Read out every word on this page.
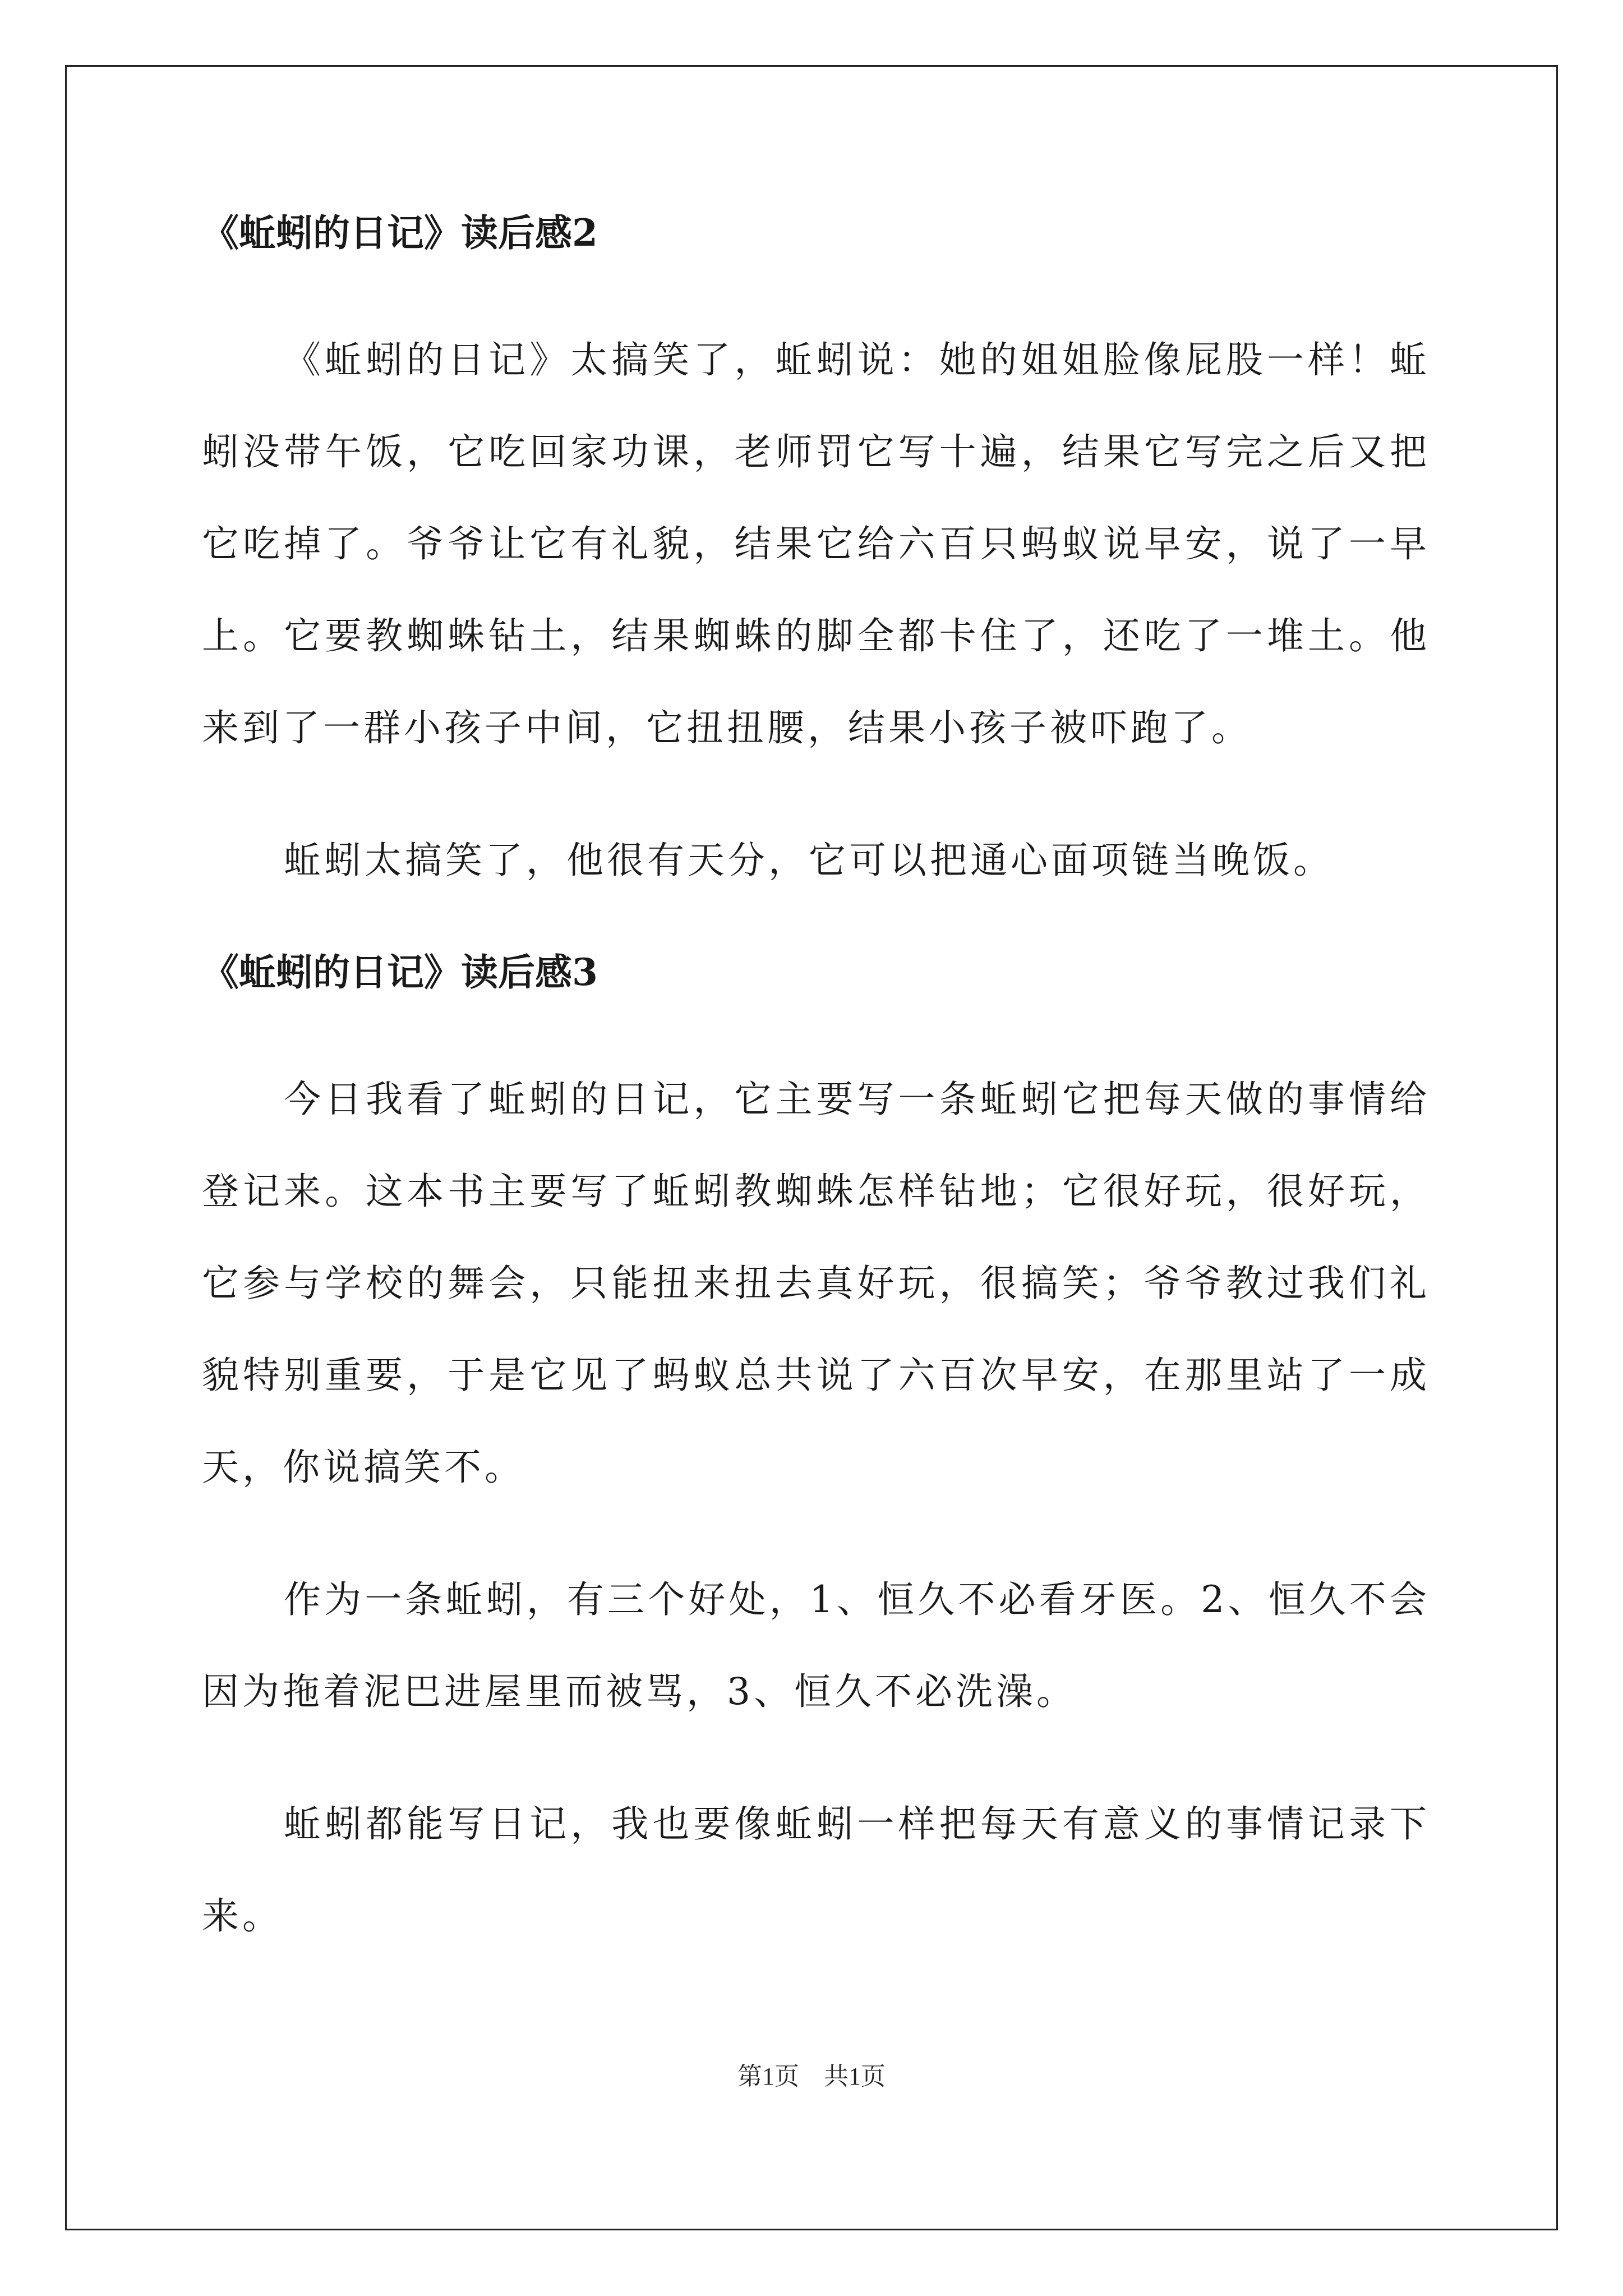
《蚯蚓的日记》读后感2

《蚯蚓的日记》太搞笑了，蚯蚓说：她的姐姐脸像屁股一样！蚯蚓没带午饭，它吃回家功课，老师罚它写十遍，结果它写完之后又把它吃掉了。爷爷让它有礼貌，结果它给六百只蚂蚁说早安，说了一早上。它要教蜘蛛钻土，结果蜘蛛的脚全都卡住了，还吃了一堆土。他来到了一群小孩子中间，它扭扭腰，结果小孩子被吓跑了。

蚯蚓太搞笑了，他很有天分，它可以把通心面项链当晚饭。

《蚯蚓的日记》读后感3

今日我看了蚯蚓的日记，它主要写一条蚯蚓它把每天做的事情给登记来。这本书主要写了蚯蚓教蜘蛛怎样钻地；它很好玩，很好玩，它参与学校的舞会，只能扭来扭去真好玩，很搞笑；爷爷教过我们礼貌特别重要，于是它见了蚂蚁总共说了六百次早安，在那里站了一成天，你说搞笑不。

作为一条蚯蚓，有三个好处，1、恒久不必看牙医。2、恒久不会因为拖着泥巴进屋里而被骂，3、恒久不必洗澡。

蚯蚓都能写日记，我也要像蚯蚓一样把每天有意义的事情记录下来。

第1页 共1页
